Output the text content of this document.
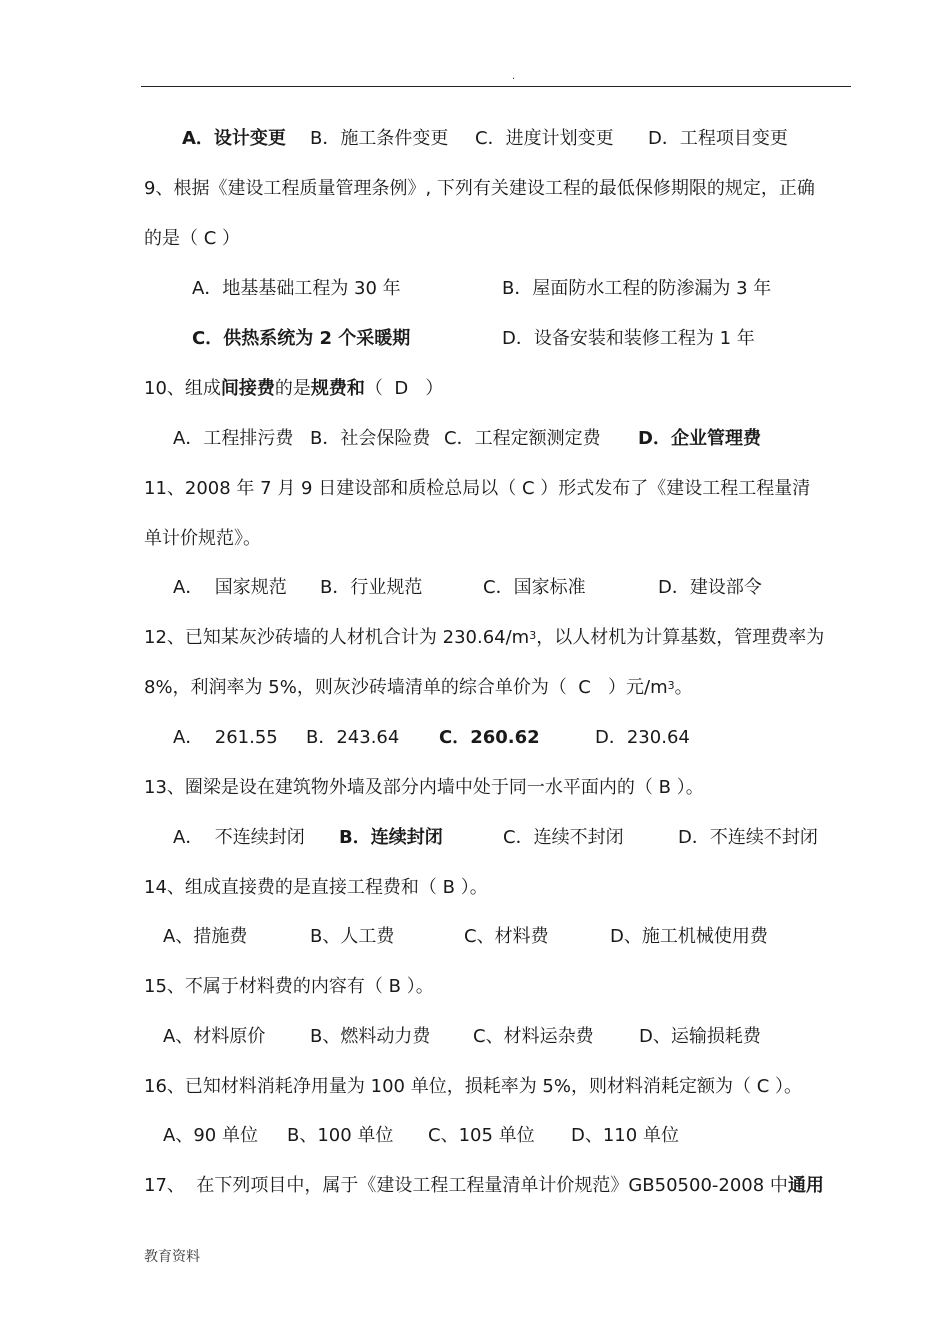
.
A．设计变更 B．施工条件变更 C．进度计划变更 D．工程项目变更
9、根据《建设工程质量管理条例》, 下列有关建设工程的最低保修期限的规定，正确
的是（ C ）
A．地基基础工程为 30 年	B．屋面防水工程的防渗漏为 3 年
C．供热系统为 2 个采暖期	D．设备安装和装修工程为 1 年
10、组成间接费的是规费和（  D   ）
A．工程排污费 B．社会保险费 C．工程定额测定费 D．企业管理费
11、2008 年 7 月 9 日建设部和质检总局以（ C ）形式发布了《建设工程工程量清
单计价规范》。
A．  国家规范 B．行业规范	C．国家标准	D．建设部令
12、已知某灰沙砖墙的人材机合计为 $230.64/m^3$，以人材机为计算基数，管理费率为
8%，利润率为 5%，则灰沙砖墙清单的综合单价为（  C   ）元$/m^3$。
A．  261.55 B．243.64 C．260.62	D．230.64
13、圈梁是设在建筑物外墙及部分内墙中处于同一水平面内的（ B ）。
A．  不连续封闭 B．连续封闭	C．连续不封闭	D．不连续不封闭
14、组成直接费的是直接工程费和（ B ）。
A、措施费	B、人工费	C、材料费	D、施工机械使用费
15、不属于材料费的内容有（ B ）。
A、材料原价 B、燃料动力费 C、材料运杂费	D、运输损耗费
16、已知材料消耗净用量为 100 单位，损耗率为 5%，则材料消耗定额为（ C ）。
A、90 单位 B、100 单位 C、105 单位 D、110 单位
17、  在下列项目中，属于《建设工程工程量清单计价规范》GB50500-2008 中通用
教育资料
